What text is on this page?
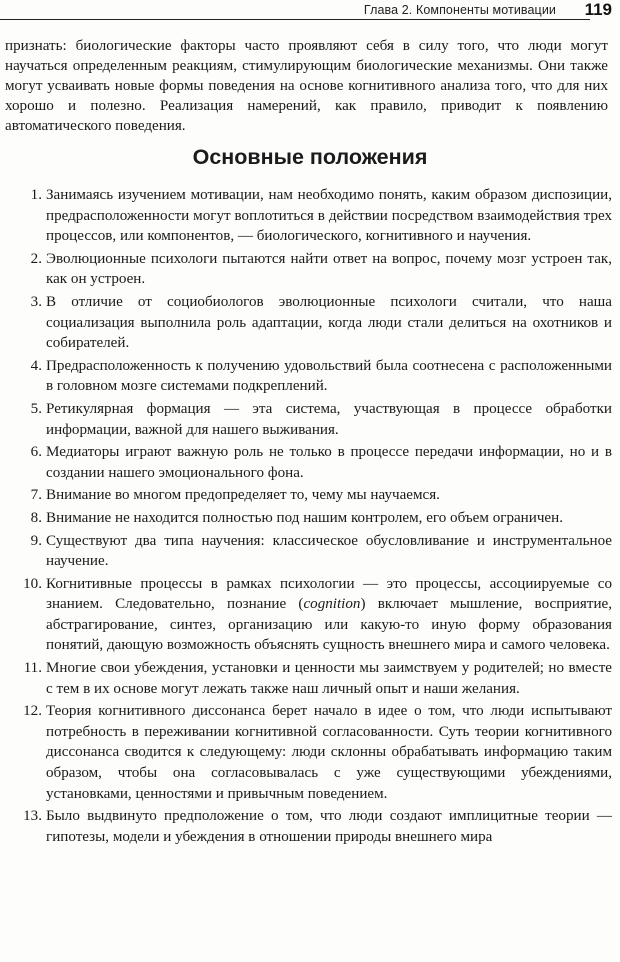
Глава 2. Компоненты мотивации 119

признать: биологические факторы часто проявляют себя в силу того, что люди могут научаться определенным реакциям, стимулирующим биологические механизмы. Они также могут усваивать новые формы поведения на основе когнитивного анализа того, что для них хорошо и полезно. Реализация намерений, как правило, приводит к появлению автоматического поведения.

Основные положения
1. Занимаясь изучением мотивации, нам необходимо понять, каким образом диспозиции, предрасположенности могут воплотиться в действии посредством взаимодействия трех процессов, или компонентов, — биологического, когнитивного и научения.
2. Эволюционные психологи пытаются найти ответ на вопрос, почему мозг устроен так, как он устроен.
3. В отличие от социобиологов эволюционные психологи считали, что наша социализация выполнила роль адаптации, когда люди стали делиться на охотников и собирателей.
4. Предрасположенность к получению удовольствий была соотнесена с расположенными в головном мозге системами подкреплений.
5. Ретикулярная формация — эта система, участвующая в процессе обработки информации, важной для нашего выживания.
6. Медиаторы играют важную роль не только в процессе передачи информации, но и в создании нашего эмоционального фона.
7. Внимание во многом предопределяет то, чему мы научаемся.
8. Внимание не находится полностью под нашим контролем, его объем ограничен.
9. Существуют два типа научения: классическое обусловливание и инструментальное научение.
10. Когнитивные процессы в рамках психологии — это процессы, ассоциируемые со знанием. Следовательно, познание (cognition) включает мышление, восприятие, абстрагирование, синтез, организацию или какую-то иную форму образования понятий, дающую возможность объяснять сущность внешнего мира и самого человека.
11. Многие свои убеждения, установки и ценности мы заимствуем у родителей; но вместе с тем в их основе могут лежать также наш личный опыт и наши желания.
12. Теория когнитивного диссонанса берет начало в идее о том, что люди испытывают потребность в переживании когнитивной согласованности. Суть теории когнитивного диссонанса сводится к следующему: люди склонны обрабатывать информацию таким образом, чтобы она согласовывалась с уже существующими убеждениями, установками, ценностями и привычным поведением.
13. Было выдвинуто предположение о том, что люди создают имплицитные теории — гипотезы, модели и убеждения в отношении природы внешнего мира
